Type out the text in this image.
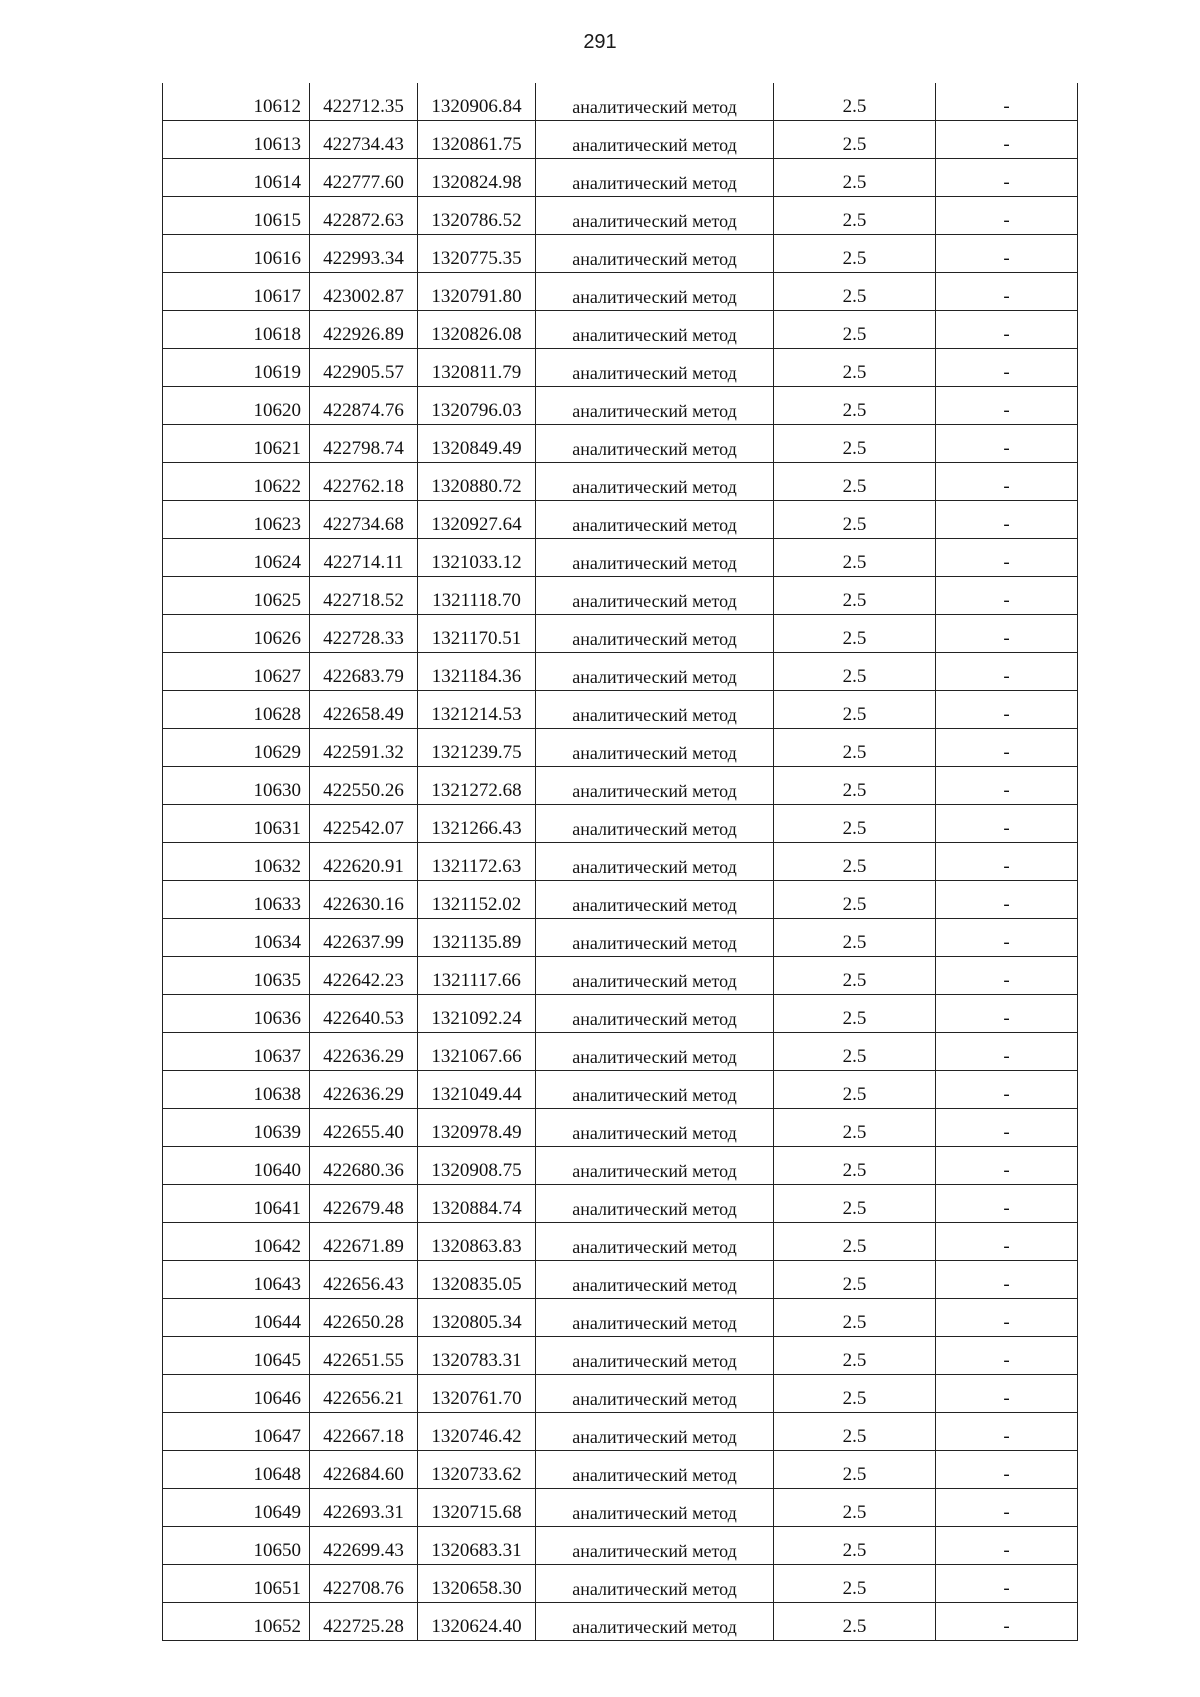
291
10612	422712.35	1320906.84	аналитический метод	2.5	-
10613	422734.43	1320861.75	аналитический метод	2.5	-
10614	422777.60	1320824.98	аналитический метод	2.5	-
10615	422872.63	1320786.52	аналитический метод	2.5	-
10616	422993.34	1320775.35	аналитический метод	2.5	-
10617	423002.87	1320791.80	аналитический метод	2.5	-
10618	422926.89	1320826.08	аналитический метод	2.5	-
10619	422905.57	1320811.79	аналитический метод	2.5	-
10620	422874.76	1320796.03	аналитический метод	2.5	-
10621	422798.74	1320849.49	аналитический метод	2.5	-
10622	422762.18	1320880.72	аналитический метод	2.5	-
10623	422734.68	1320927.64	аналитический метод	2.5	-
10624	422714.11	1321033.12	аналитический метод	2.5	-
10625	422718.52	1321118.70	аналитический метод	2.5	-
10626	422728.33	1321170.51	аналитический метод	2.5	-
10627	422683.79	1321184.36	аналитический метод	2.5	-
10628	422658.49	1321214.53	аналитический метод	2.5	-
10629	422591.32	1321239.75	аналитический метод	2.5	-
10630	422550.26	1321272.68	аналитический метод	2.5	-
10631	422542.07	1321266.43	аналитический метод	2.5	-
10632	422620.91	1321172.63	аналитический метод	2.5	-
10633	422630.16	1321152.02	аналитический метод	2.5	-
10634	422637.99	1321135.89	аналитический метод	2.5	-
10635	422642.23	1321117.66	аналитический метод	2.5	-
10636	422640.53	1321092.24	аналитический метод	2.5	-
10637	422636.29	1321067.66	аналитический метод	2.5	-
10638	422636.29	1321049.44	аналитический метод	2.5	-
10639	422655.40	1320978.49	аналитический метод	2.5	-
10640	422680.36	1320908.75	аналитический метод	2.5	-
10641	422679.48	1320884.74	аналитический метод	2.5	-
10642	422671.89	1320863.83	аналитический метод	2.5	-
10643	422656.43	1320835.05	аналитический метод	2.5	-
10644	422650.28	1320805.34	аналитический метод	2.5	-
10645	422651.55	1320783.31	аналитический метод	2.5	-
10646	422656.21	1320761.70	аналитический метод	2.5	-
10647	422667.18	1320746.42	аналитический метод	2.5	-
10648	422684.60	1320733.62	аналитический метод	2.5	-
10649	422693.31	1320715.68	аналитический метод	2.5	-
10650	422699.43	1320683.31	аналитический метод	2.5	-
10651	422708.76	1320658.30	аналитический метод	2.5	-
10652	422725.28	1320624.40	аналитический метод	2.5	-
